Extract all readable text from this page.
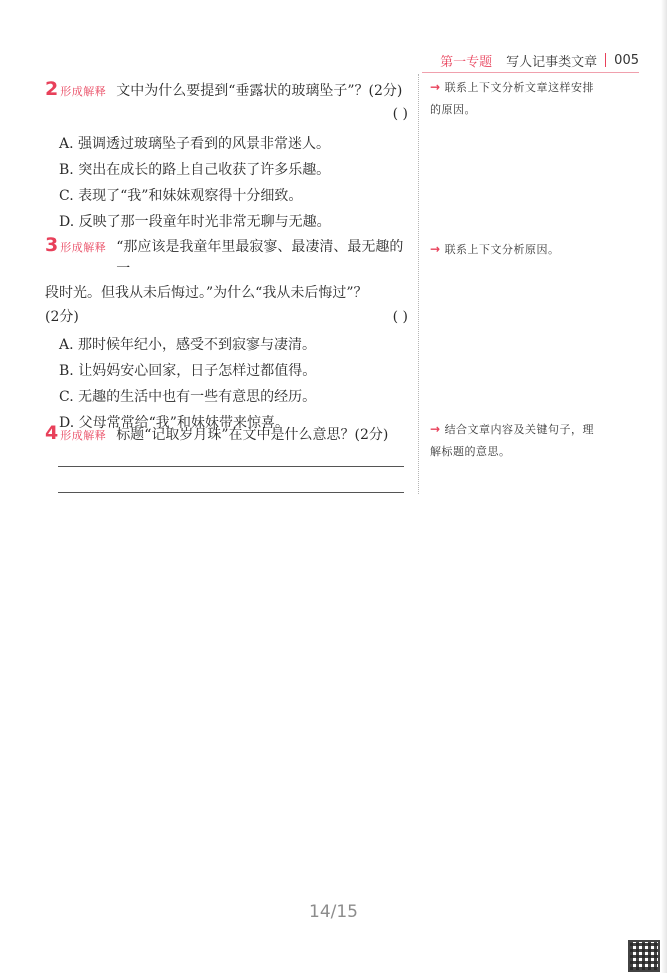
第一专题 写人记事类文章 005
2 形成解释 文中为什么要提到“垂露状的玻璃坠子”？(2分)
( )
A. 强调透过玻璃坠子看到的风景非常迷人。
B. 突出在成长的路上自己收获了许多乐趣。
C. 表现了“我”和妹妹观察得十分细致。
D. 反映了那一段童年时光非常无聊与无趣。
3 形成解释 “那应该是我童年里最寂寥、最凄清、最无趣的一
段时光。但我从未后悔过。”为什么“我从未后悔过”？
(2分)	( )
A. 那时候年纪小，感受不到寂寥与凄清。
B. 让妈妈安心回家，日子怎样过都值得。
C. 无趣的生活中也有一些有意思的经历。
D. 父母常常给“我”和妹妹带来惊喜。
4 形成解释 标题“记取岁月珠”在文中是什么意思？(2分)
→ 联系上下文分析文章这样安排
的原因。
→ 联系上下文分析原因。
→ 结合文章内容及关键句子，理
解标题的意思。
14/15
